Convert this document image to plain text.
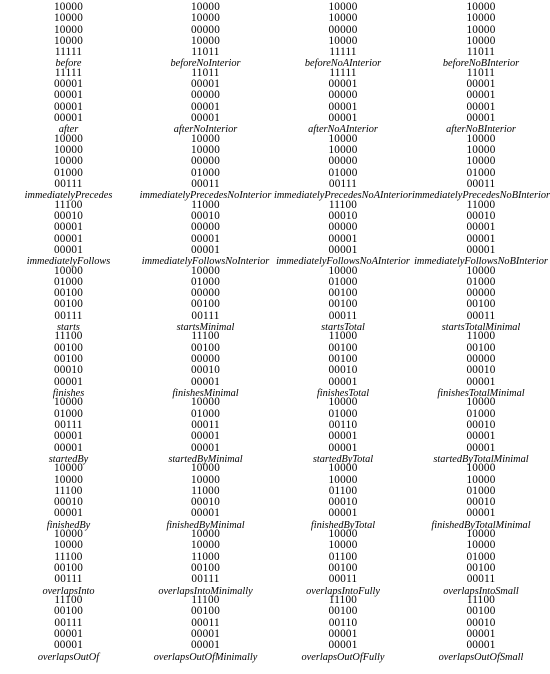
10000
10000
10000
10000
11111
before
10000
10000
00000
10000
11011
beforeNoInterior
10000
10000
00000
10000
11111
beforeNoAInterior
10000
10000
10000
10000
11011
beforeNoBInterior
11111
00001
00001
00001
00001
after
11011
00001
00000
00001
00001
afterNoInterior
11111
00001
00000
00001
00001
afterNoAInterior
11011
00001
00001
00001
00001
afterNoBInterior
10000
10000
10000
01000
00111
immediatelyPrecedes
10000
10000
00000
01000
00011
immediatelyPrecedesNoInterior
10000
10000
00000
01000
00111
immediatelyPrecedesNoAInterior
10000
10000
10000
01000
00011
immediatelyPrecedesNoBInterior
11100
00010
00001
00001
00001
immediatelyFollows
11000
00010
00000
00001
00001
immediatelyFollowsNoInterior
11100
00010
00000
00001
00001
immediatelyFollowsNoAInterior
11000
00010
00001
00001
00001
immediatelyFollowsNoBInterior
10000
01000
00100
00100
00111
starts
10000
01000
00000
00100
00111
startsMinimal
10000
01000
00100
00100
00011
startsTotal
10000
01000
00000
00100
00011
startsTotalMinimal
11100
00100
00100
00010
00001
finishes
11100
00100
00000
00010
00001
finishesMinimal
11000
00100
00100
00010
00001
finishesTotal
11000
00100
00000
00010
00001
finishesTotalMinimal
10000
01000
00111
00001
00001
startedBy
10000
01000
00011
00001
00001
startedByMinimal
10000
01000
00110
00001
00001
startedByTotal
10000
01000
00010
00001
00001
startedByTotalMinimal
10000
10000
11100
00010
00001
finishedBy
10000
10000
11000
00010
00001
finishedByMinimal
10000
10000
01100
00010
00001
finishedByTotal
10000
10000
01000
00010
00001
finishedByTotalMinimal
10000
10000
11100
00100
00111
overlapsInto
10000
10000
11000
00100
00111
overlapsIntoMinimally
10000
10000
01100
00100
00011
overlapsIntoFully
10000
10000
01000
00100
00011
overlapsIntoSmall
11100
00100
00111
00001
00001
overlapsOutOf
11100
00100
00011
00001
00001
overlapsOutOfMinimally
11100
00100
00110
00001
00001
overlapsOutOfFully
11100
00100
00010
00001
00001
overlapsOutOfSmall
